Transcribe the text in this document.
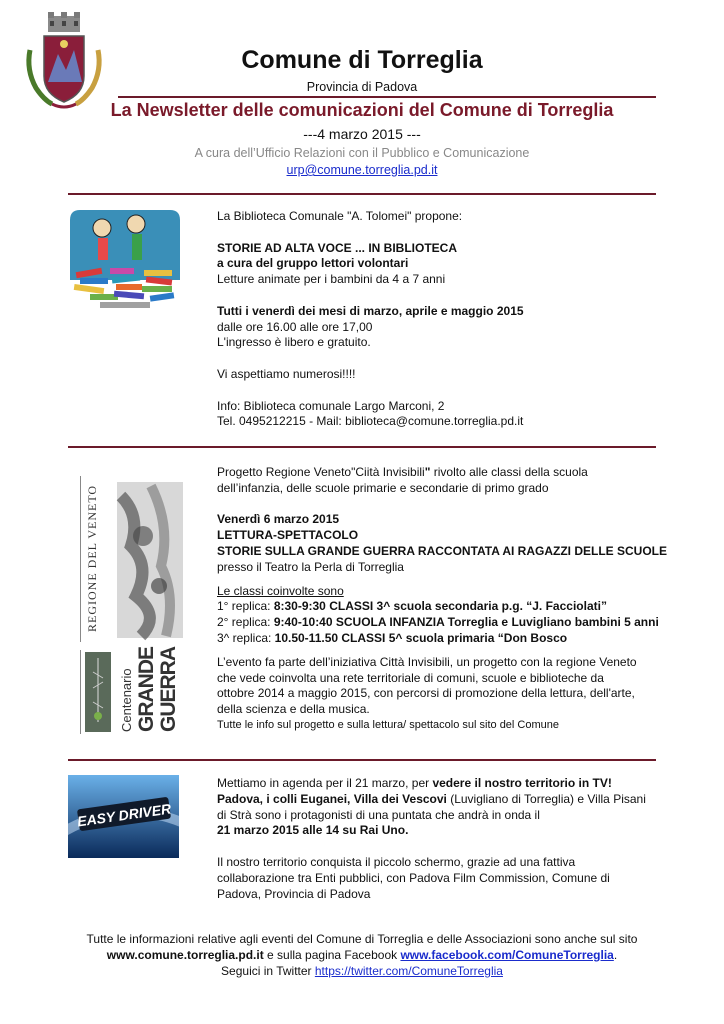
Comune di Torreglia
Provincia di Padova
La Newsletter delle comunicazioni del Comune di Torreglia
---4 marzo 2015 ---
A cura dell’Ufficio Relazioni con il Pubblico e Comunicazione
urp@comune.torreglia.pd.it

La Biblioteca Comunale "A. Tolomei" propone:

STORIE AD ALTA VOCE ... IN BIBLIOTECA

a cura del gruppo lettori volontari

Letture animate per i bambini da 4 a 7 anni

Tutti i venerdì dei mesi di marzo, aprile e maggio 2015

dalle ore 16.00 alle ore 17,00

L'ingresso è libero e gratuito.

Vi aspettiamo numerosi!!!!

Info: Biblioteca comunale Largo Marconi, 2

Tel. 0495212215 - Mail: biblioteca@comune.torreglia.pd.it

REGIONE DEL VENETO
Centenario GRANDE GUERRA

Progetto Regione Veneto"Ciità Invisibili" rivolto alle classi della scuola

dell’infanzia, delle scuole primarie e secondarie di primo grado

Venerdì 6 marzo 2015

LETTURA-SPETTACOLO

STORIE SULLA GRANDE GUERRA RACCONTATA AI RAGAZZI DELLE SCUOLE

presso il Teatro la Perla di Torreglia

Le classi coinvolte sono

1° replica: 8:30-9:30 CLASSI 3^ scuola secondaria p.g. “J. Facciolati”

2° replica: 9:40-10:40 SCUOLA INFANZIA Torreglia e Luvigliano bambini 5 anni

3^ replica: 10.50-11.50 CLASSI 5^ scuola primaria “Don Bosco

L’evento fa parte dell’iniziativa Città Invisibili, un progetto con la regione Veneto

che vede coinvolta una rete territoriale di comuni, scuole e biblioteche da

ottobre 2014 a maggio 2015, con percorsi di promozione della lettura, dell'arte,

della scienza e della musica.

Tutte le info sul progetto e sulla lettura/ spettacolo sul sito del Comune

EASY DRIVER

Mettiamo in agenda per il 21 marzo, per vedere il nostro territorio in TV!

Padova, i colli Euganei, Villa dei Vescovi (Luvigliano di Torreglia) e Villa Pisani

di Strà sono i protagonisti di una puntata che andrà in onda il

21 marzo 2015 alle 14 su Rai Uno.

Il nostro territorio conquista il piccolo schermo, grazie ad una fattiva

collaborazione tra Enti pubblici, con Padova Film Commission, Comune di

Padova, Provincia di Padova

Tutte le informazioni relative agli eventi del Comune di Torreglia e delle Associazioni sono anche sul sito

www.comune.torreglia.pd.it e sulla pagina Facebook www.facebook.com/ComuneTorreglia.

Seguici in Twitter https://twitter.com/ComuneTorreglia
